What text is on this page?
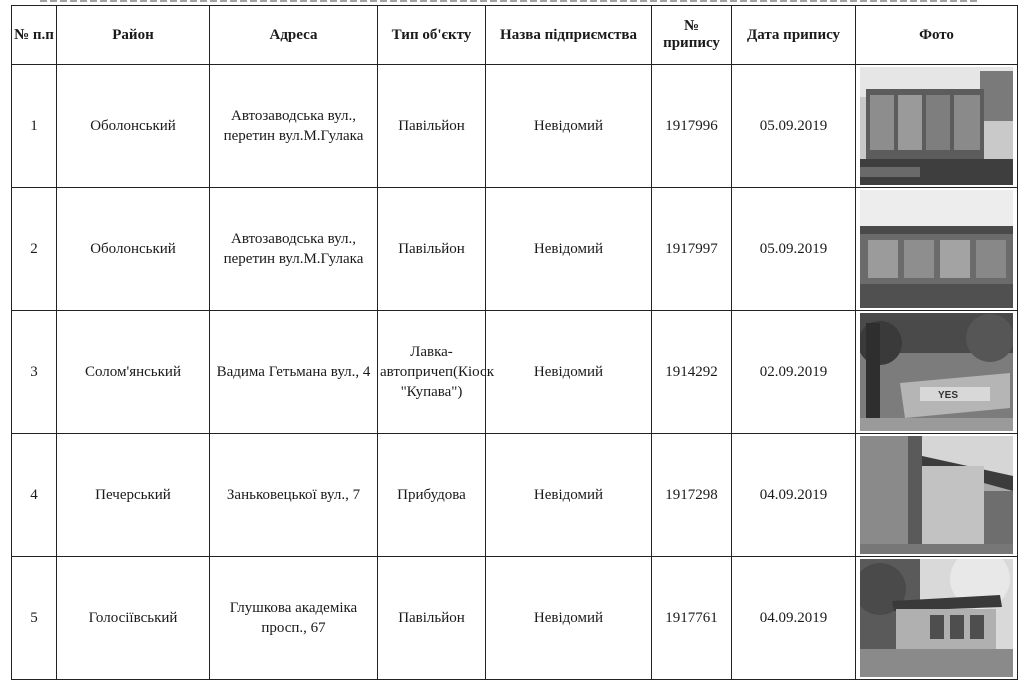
№ п.п	Район	Адреса	Тип об'єкту	Назва підприємства	№ припису	Дата припису	Фото
1	Оболонський	Автозаводська вул., перетин вул.М.Гулака	Павільйон	Невідомий	1917996	05.09.2019	

2	Оболонський	Автозаводська вул., перетин вул.М.Гулака	Павільйон	Невідомий	1917997	05.09.2019	

3	Солом'янський	Вадима Гетьмана вул., 4	Лавка-автопричеп(Кіоск "Купава")	Невідомий	1914292	02.09.2019	YES

4	Печерський	Заньковецької вул., 7	Прибудова	Невідомий	1917298	04.09.2019	

5	Голосіївський	Глушкова академіка просп., 67	Павільйон	Невідомий	1917761	04.09.2019	
